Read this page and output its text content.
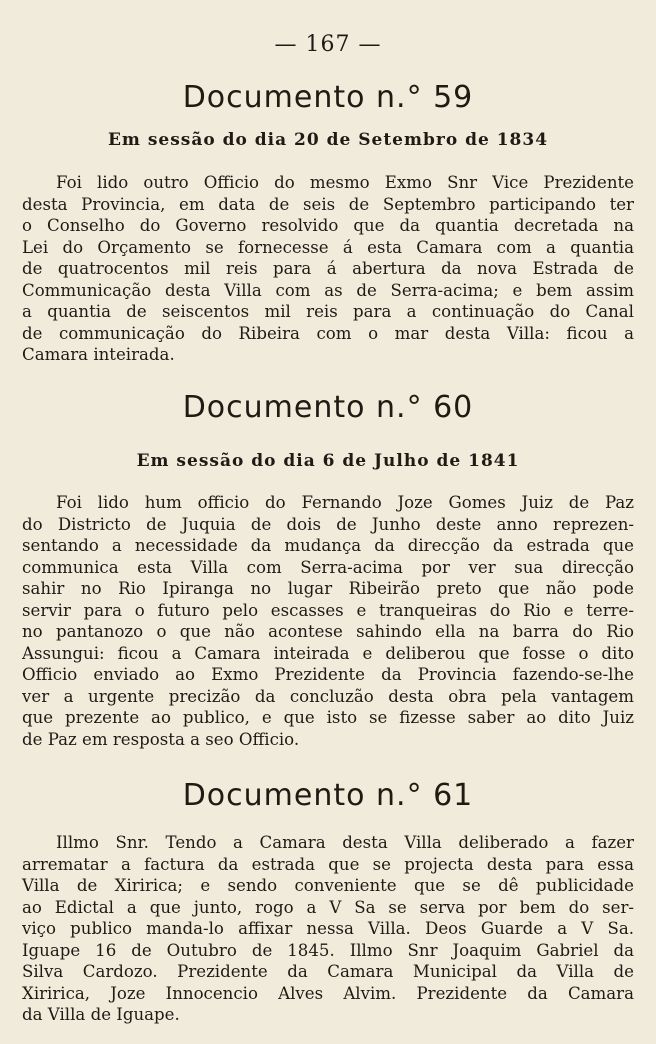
— 167 —
Documento n.° 59
Em sessão do dia 20 de Setembro de 1834
Foi lido outro Officio do mesmo Exmo Snr Vice Prezidente
desta Provincia, em data de seis de Septembro participando ter
o Conselho do Governo resolvido que da quantia decretada na
Lei do Orçamento se fornecesse á esta Camara com a quantia
de quatrocentos mil reis para á abertura da nova Estrada de
Communicação desta Villa com as de Serra-acima; e bem assim
a quantia de seiscentos mil reis para a continuação do Canal
de communicação do Ribeira com o mar desta Villa: ficou a
Camara inteirada.
Documento n.° 60
Em sessão do dia 6 de Julho de 1841
Foi lido hum officio do Fernando Joze Gomes Juiz de Paz
do Districto de Juquia de dois de Junho deste anno reprezen-
sentando a necessidade da mudança da direcção da estrada que
communica esta Villa com Serra-acima por ver sua direcção
sahir no Rio Ipiranga no lugar Ribeirão preto que não pode
servir para o futuro pelo escasses e tranqueiras do Rio e terre-
no pantanozo o que não acontese sahindo ella na barra do Rio
Assungui: ficou a Camara inteirada e deliberou que fosse o dito
Officio enviado ao Exmo Prezidente da Provincia fazendo-se-lhe
ver a urgente precizão da concluzão desta obra pela vantagem
que prezente ao publico, e que isto se fizesse saber ao dito Juiz
de Paz em resposta a seo Officio.
Documento n.° 61
Illmo Snr. Tendo a Camara desta Villa deliberado a fazer
arrematar a factura da estrada que se projecta desta para essa
Villa de Xiririca; e sendo conveniente que se dê publicidade
ao Edictal a que junto, rogo a V Sa se serva por bem do ser-
viço publico manda-lo affixar nessa Villa. Deos Guarde a V Sa.
Iguape 16 de Outubro de 1845. Illmo Snr Joaquim Gabriel da
Silva Cardozo. Prezidente da Camara Municipal da Villa de
Xiririca, Joze Innocencio Alves Alvim. Prezidente da Camara
da Villa de Iguape.
